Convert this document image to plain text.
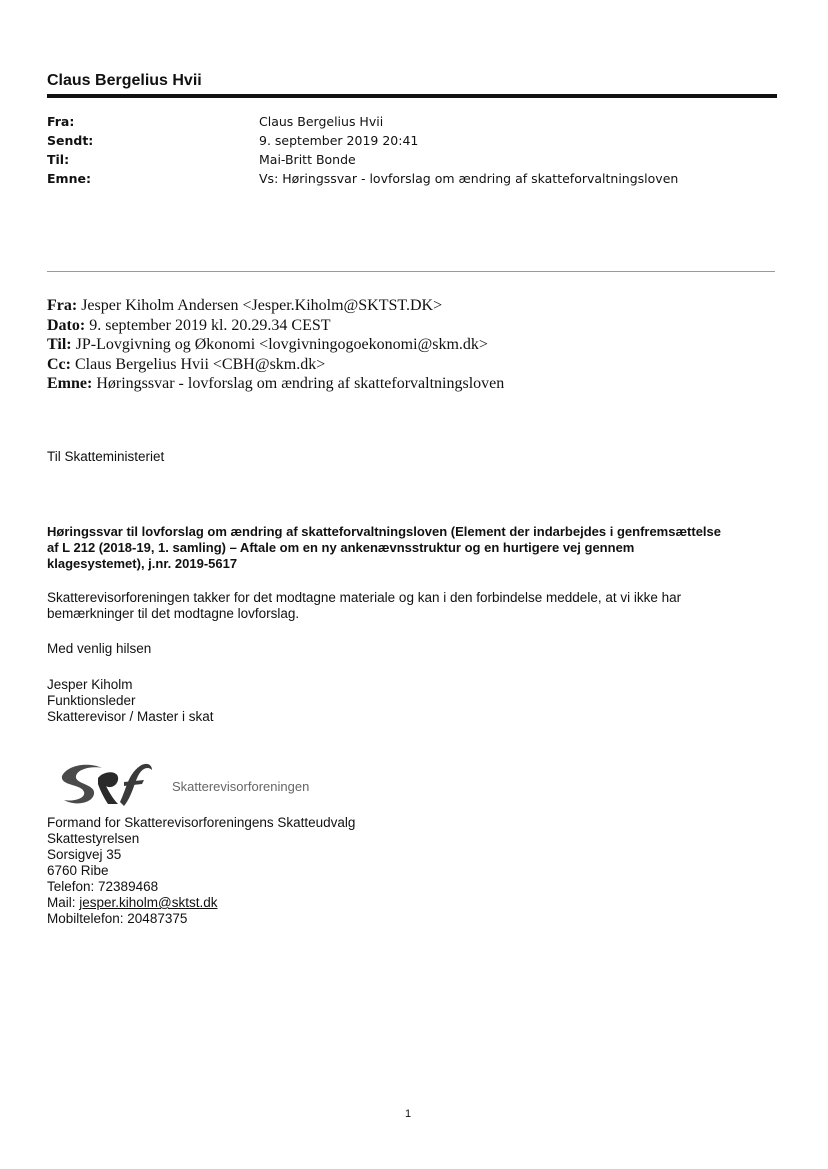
Claus Bergelius Hvii
Fra:	Claus Bergelius Hvii
Sendt:	9. september 2019 20:41
Til:	Mai-Britt Bonde
Emne:	Vs: Høringssvar - lovforslag om ændring af skatteforvaltningsloven
Fra: Jesper Kiholm Andersen <Jesper.Kiholm@SKTST.DK>
Dato: 9. september 2019 kl. 20.29.34 CEST
Til: JP-Lovgivning og Økonomi <lovgivningogoekonomi@skm.dk>
Cc: Claus Bergelius Hvii <CBH@skm.dk>
Emne: Høringssvar - lovforslag om ændring af skatteforvaltningsloven
Til Skatteministeriet
Høringssvar til lovforslag om ændring af skatteforvaltningsloven (Element der indarbejdes i genfremsættelse
af L 212 (2018-19, 1. samling) – Aftale om en ny ankenævnsstruktur og en hurtigere vej gennem
klagesystemet), j.nr. 2019-5617
Skatterevisorforeningen takker for det modtagne materiale og kan i den forbindelse meddele, at vi ikke har
bemærkninger til det modtagne lovforslag.
Med venlig hilsen
Jesper Kiholm
Funktionsleder
Skatterevisor / Master i skat
Skatterevisorforeningen
Formand for Skatterevisorforeningens Skatteudvalg
Skattestyrelsen
Sorsigvej 35
6760 Ribe
Telefon: 72389468
Mail: jesper.kiholm@sktst.dk
Mobiltelefon: 20487375
1
